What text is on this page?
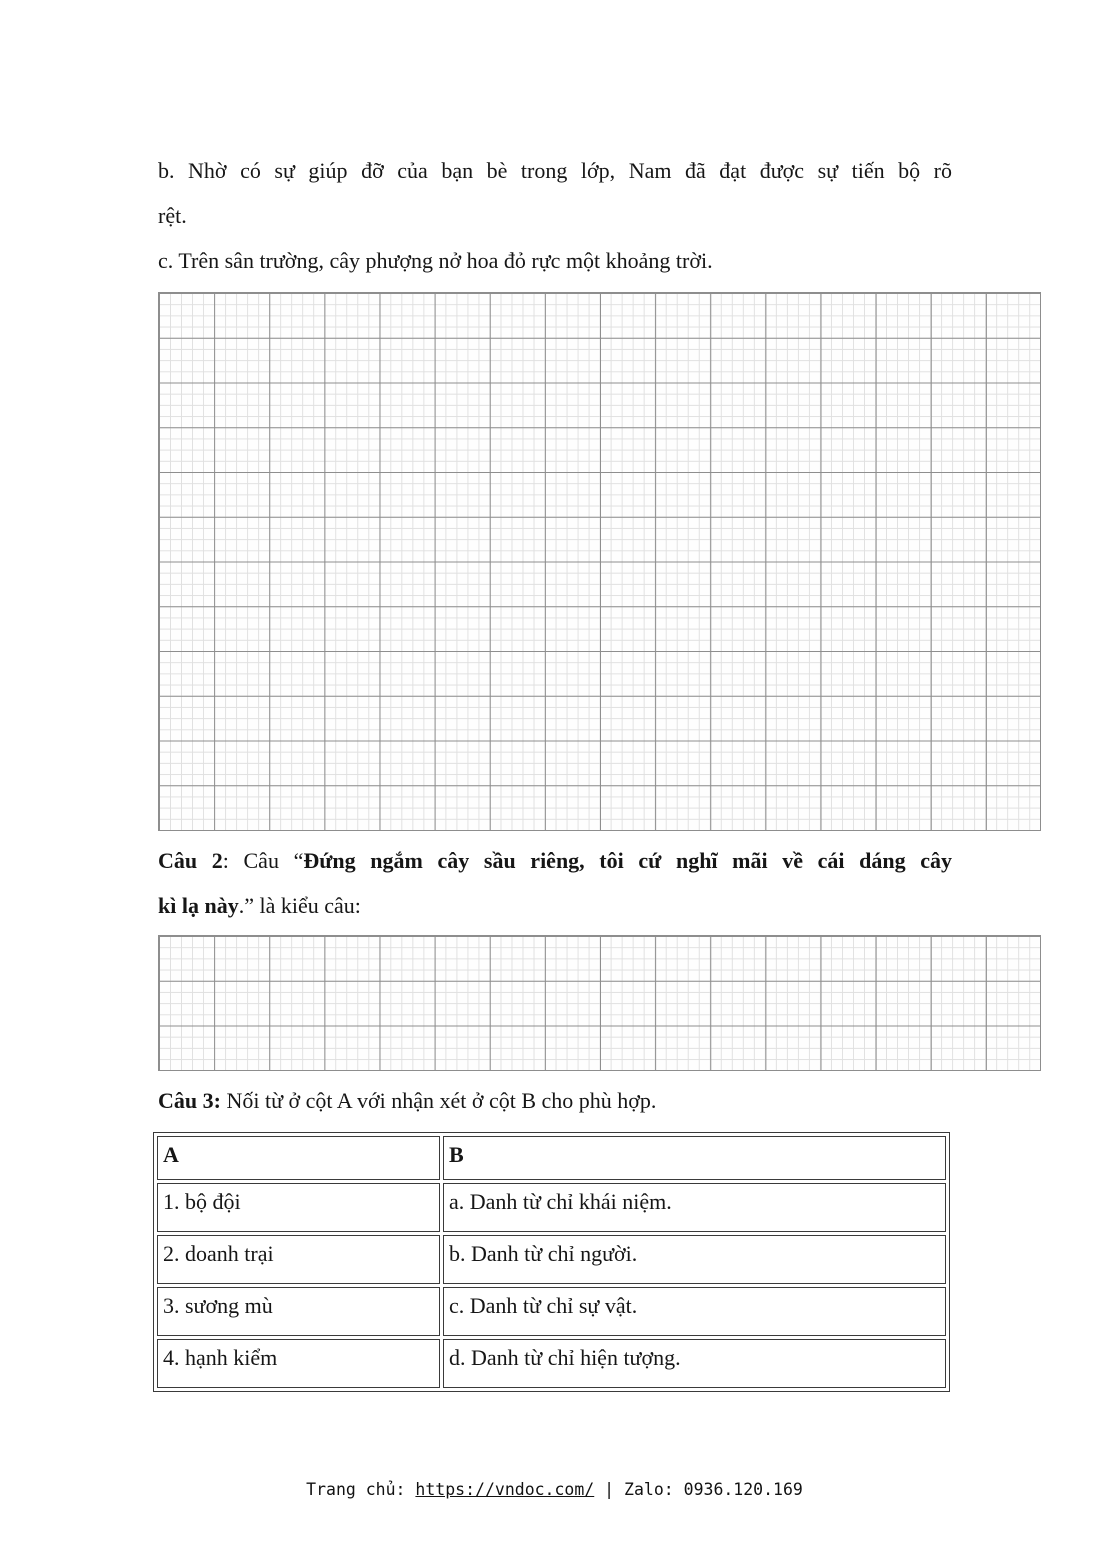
b. Nhờ có sự giúp đỡ của bạn bè trong lớp, Nam đã đạt được sự tiến bộ rõ
rệt.
c. Trên sân trường, cây phượng nở hoa đỏ rực một khoảng trời.
Câu 2: Câu “Đứng ngắm cây sầu riêng, tôi cứ nghĩ mãi về cái dáng cây
kì lạ này.” là kiểu câu:
Câu 3: Nối từ ở cột A với nhận xét ở cột B cho phù hợp.
A	B
1. bộ đội	a. Danh từ chỉ khái niệm.
2. doanh trại	b. Danh từ chỉ người.
3. sương mù	c. Danh từ chỉ sự vật.
4. hạnh kiểm	d. Danh từ chỉ hiện tượng.
Trang chủ: https://vndoc.com/ | Zalo: 0936.120.169
